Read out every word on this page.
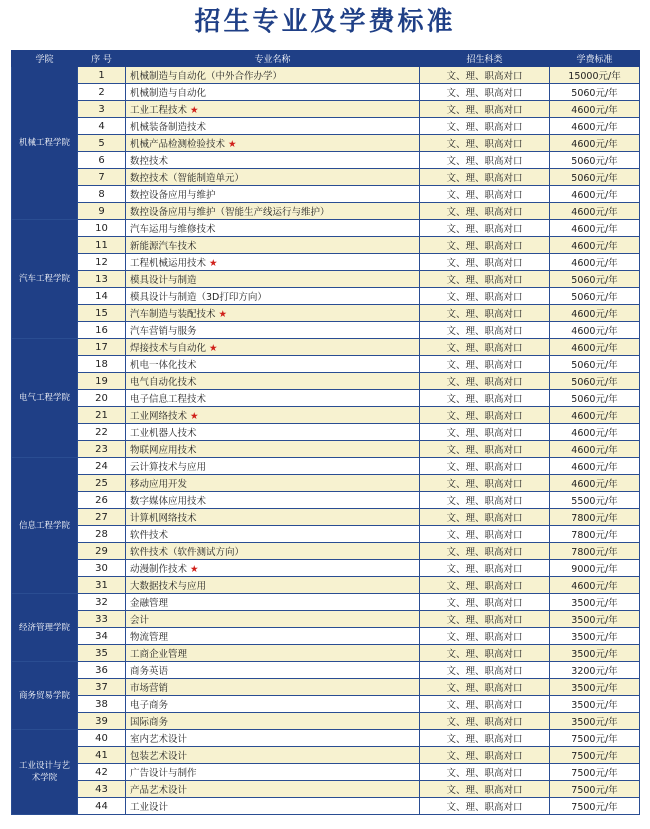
招生专业及学费标准
学院	序 号	专业名称	招生科类	学费标准
机械工程学院	1	机械制造与自动化（中外合作办学）	文、理、职高对口	15000元/年
	2	机械制造与自动化	文、理、职高对口	5060元/年
	3	工业工程技术 ★	文、理、职高对口	4600元/年
	4	机械装备制造技术	文、理、职高对口	4600元/年
	5	机械产品检测检验技术 ★	文、理、职高对口	4600元/年
	6	数控技术	文、理、职高对口	5060元/年
	7	数控技术（智能制造单元）	文、理、职高对口	5060元/年
	8	数控设备应用与维护	文、理、职高对口	4600元/年
	9	数控设备应用与维护（智能生产线运行与维护）	文、理、职高对口	4600元/年
汽车工程学院	10	汽车运用与维修技术	文、理、职高对口	4600元/年
	11	新能源汽车技术	文、理、职高对口	4600元/年
	12	工程机械运用技术 ★	文、理、职高对口	4600元/年
	13	模具设计与制造	文、理、职高对口	5060元/年
	14	模具设计与制造（3D打印方向）	文、理、职高对口	5060元/年
	15	汽车制造与装配技术 ★	文、理、职高对口	4600元/年
	16	汽车营销与服务	文、理、职高对口	4600元/年
电气工程学院	17	焊接技术与自动化 ★	文、理、职高对口	4600元/年
	18	机电一体化技术	文、理、职高对口	5060元/年
	19	电气自动化技术	文、理、职高对口	5060元/年
	20	电子信息工程技术	文、理、职高对口	5060元/年
	21	工业网络技术 ★	文、理、职高对口	4600元/年
	22	工业机器人技术	文、理、职高对口	4600元/年
	23	物联网应用技术	文、理、职高对口	4600元/年
信息工程学院	24	云计算技术与应用	文、理、职高对口	4600元/年
	25	移动应用开发	文、理、职高对口	4600元/年
	26	数字媒体应用技术	文、理、职高对口	5500元/年
	27	计算机网络技术	文、理、职高对口	7800元/年
	28	软件技术	文、理、职高对口	7800元/年
	29	软件技术（软件测试方向）	文、理、职高对口	7800元/年
	30	动漫制作技术 ★	文、理、职高对口	9000元/年
	31	大数据技术与应用	文、理、职高对口	4600元/年
经济管理学院	32	金融管理	文、理、职高对口	3500元/年
	33	会计	文、理、职高对口	3500元/年
	34	物流管理	文、理、职高对口	3500元/年
	35	工商企业管理	文、理、职高对口	3500元/年
商务贸易学院	36	商务英语	文、理、职高对口	3200元/年
	37	市场营销	文、理、职高对口	3500元/年
	38	电子商务	文、理、职高对口	3500元/年
	39	国际商务	文、理、职高对口	3500元/年
工业设计与艺术学院	40	室内艺术设计	文、理、职高对口	7500元/年
	41	包装艺术设计	文、理、职高对口	7500元/年
	42	广告设计与制作	文、理、职高对口	7500元/年
	43	产品艺术设计	文、理、职高对口	7500元/年
	44	工业设计	文、理、职高对口	7500元/年
